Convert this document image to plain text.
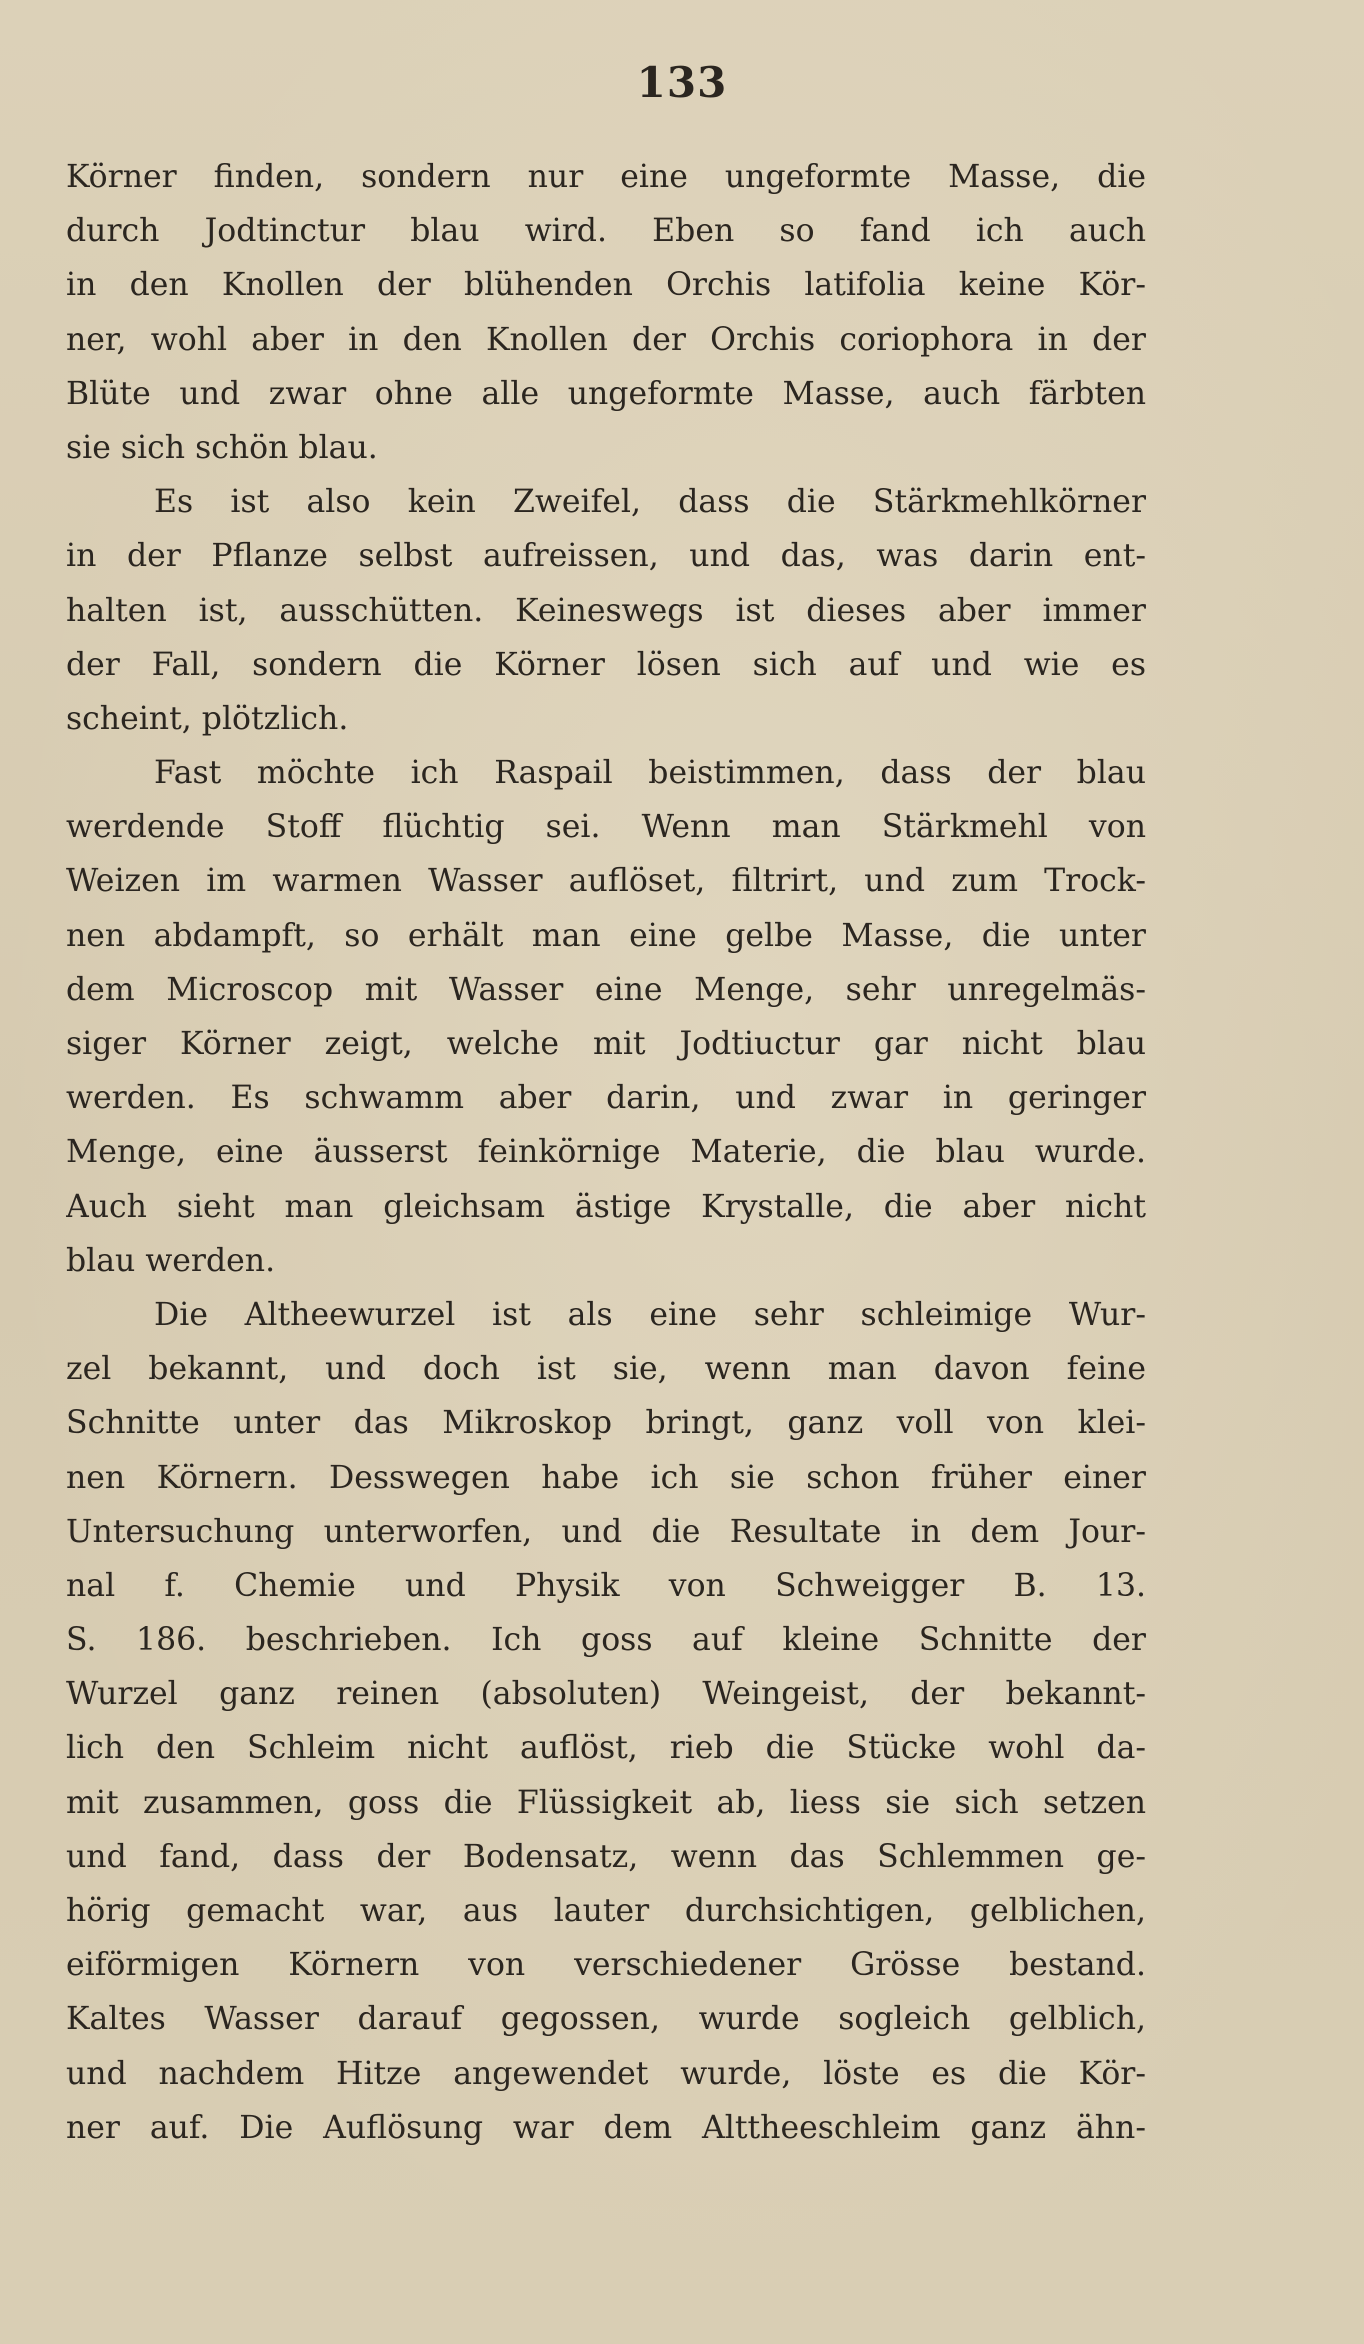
133
Körner finden, sondern nur eine ungeformte Masse, die
durch Jodtinctur blau wird. Eben so fand ich auch
in den Knollen der blühenden Orchis latifolia keine Kör-
ner, wohl aber in den Knollen der Orchis coriophora in der
Blüte und zwar ohne alle ungeformte Masse, auch färbten
sie sich schön blau.
Es ist also kein Zweifel, dass die Stärkmehlkörner
in der Pflanze selbst aufreissen, und das, was darin ent-
halten ist, ausschütten. Keineswegs ist dieses aber immer
der Fall, sondern die Körner lösen sich auf und wie es
scheint, plötzlich.
Fast möchte ich Raspail beistimmen, dass der blau
werdende Stoff flüchtig sei. Wenn man Stärkmehl von
Weizen im warmen Wasser auflöset, filtrirt, und zum Trock-
nen abdampft, so erhält man eine gelbe Masse, die unter
dem Microscop mit Wasser eine Menge, sehr unregelmäs-
siger Körner zeigt, welche mit Jodtiuctur gar nicht blau
werden. Es schwamm aber darin, und zwar in geringer
Menge, eine äusserst feinkörnige Materie, die blau wurde.
Auch sieht man gleichsam ästige Krystalle, die aber nicht
blau werden.
Die Altheewurzel ist als eine sehr schleimige Wur-
zel bekannt, und doch ist sie, wenn man davon feine
Schnitte unter das Mikroskop bringt, ganz voll von klei-
nen Körnern. Desswegen habe ich sie schon früher einer
Untersuchung unterworfen, und die Resultate in dem Jour-
nal f. Chemie und Physik von Schweigger B. 13.
S. 186. beschrieben. Ich goss auf kleine Schnitte der
Wurzel ganz reinen (absoluten) Weingeist, der bekannt-
lich den Schleim nicht auflöst, rieb die Stücke wohl da-
mit zusammen, goss die Flüssigkeit ab, liess sie sich setzen
und fand, dass der Bodensatz, wenn das Schlemmen ge-
hörig gemacht war, aus lauter durchsichtigen, gelblichen,
eiförmigen Körnern von verschiedener Grösse bestand.
Kaltes Wasser darauf gegossen, wurde sogleich gelblich,
und nachdem Hitze angewendet wurde, löste es die Kör-
ner auf. Die Auflösung war dem Alttheeschleim ganz ähn-
